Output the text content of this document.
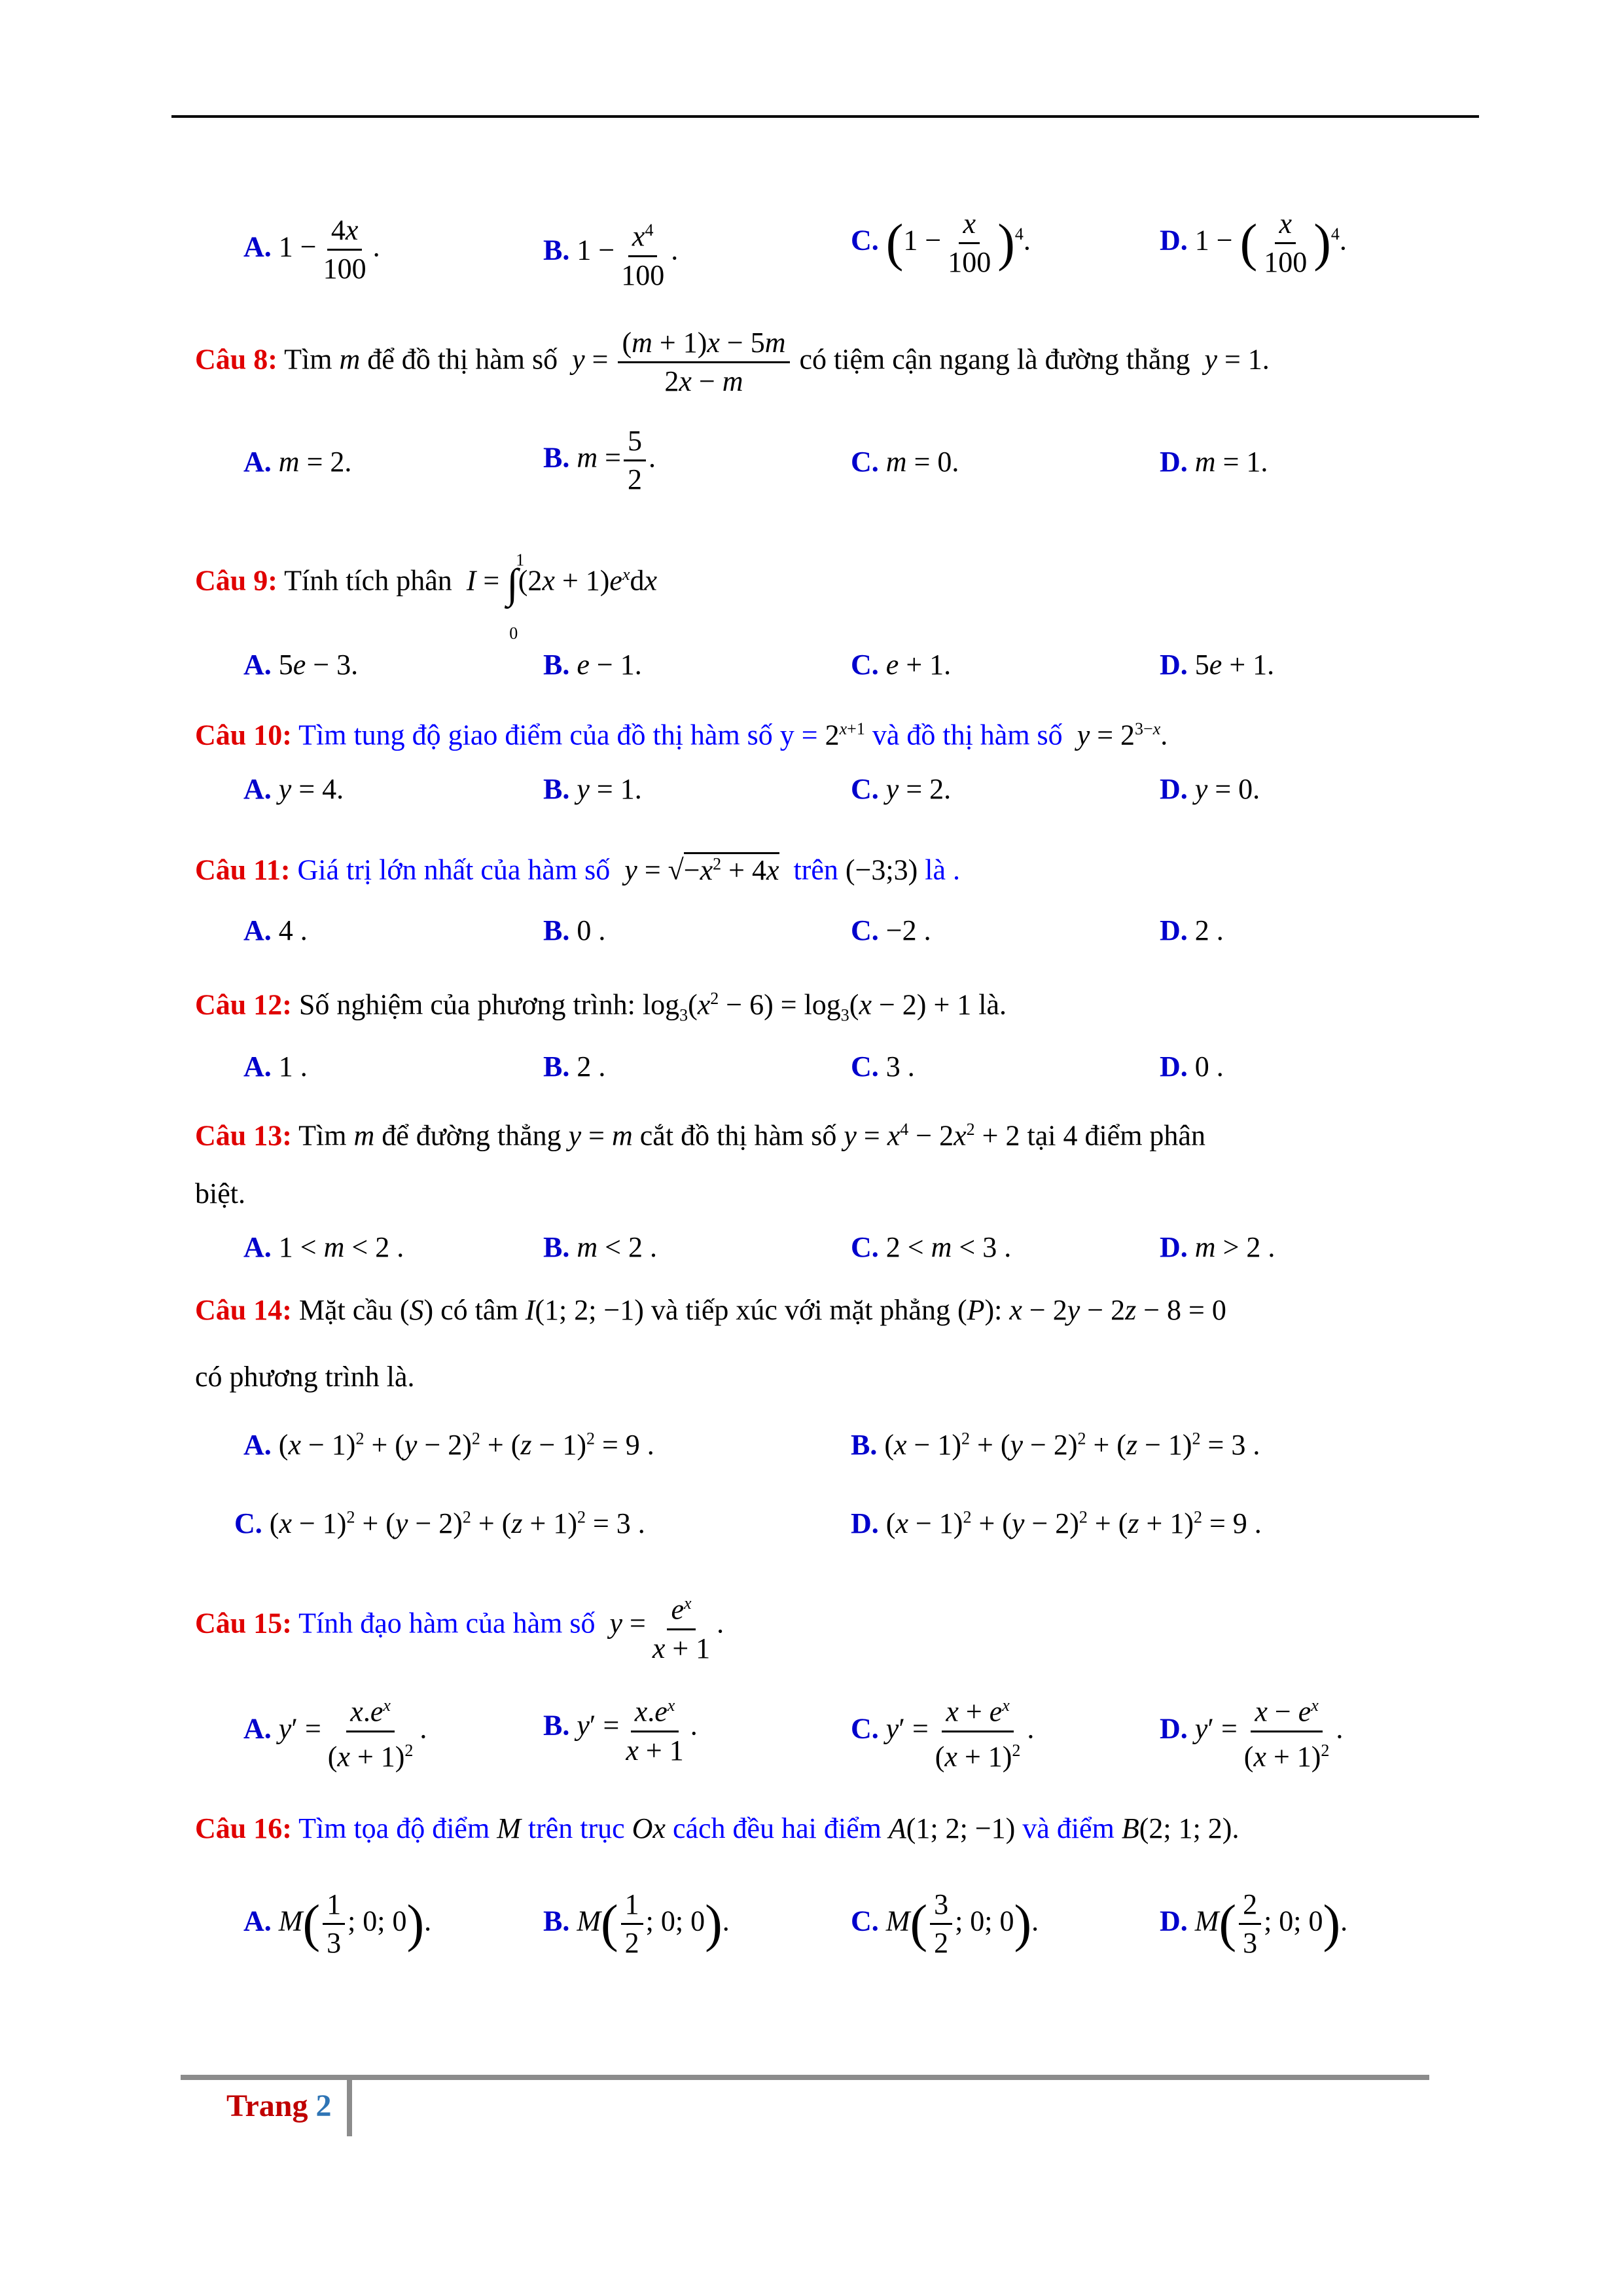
A. $1 - \frac{4x}{100}$ .	B. $1 - \frac{x^4}{100}$ .	C. $(1 - \frac{x}{100} )^4$.	D. 1 − ( $\frac{x}{100} )^4$.
Câu 8: Tìm m để đồ thị hàm số $y = \frac{(m + 1)x - 5m}{2x - m}$ có tiệm cận ngang là đường thẳng y = 1.
A. m = 2.	B. $m = \frac{5}{2}$ .	C. m = 0.	D. m = 1.
Câu 9: Tính tích phân I = ∫
1
0
$(2x + 1)e^xdx$
A. 5e − 3.	B. e − 1.	C. e + 1.	D. 5e + 1.
Câu 10: Tìm tung độ giao điểm của đồ thị hàm số $y = 2^{x+1}$ và đồ thị hàm số $y = 2^{3-x}$.
A. y = 4.	B. y = 1.	C. y = 2.	D. y = 0.
Câu 11: Giá trị lớn nhất của hàm số $y = √-x^2 + 4x$ trên (−3;3) là .
A. 4 .	B. 0 .	C. −2 .	D. 2 .
Câu 12: Số nghiệm của phương trình: $\log_3(x^2 - 6) = \log_3(x - 2) + 1$ là.
A. 1 .	B. 2 .	C. 3 .	D. 0 .
Câu 13: Tìm m để đường thẳng y = m cắt đồ thị hàm số $y = x^4 - 2x^2 + 2$ tại 4 điểm phân
biệt.
A. 1 < m < 2 .	B. m < 2 .	C. 2 < m < 3 .	D. m > 2 .
Câu 14: Mặt cầu (S) có tâm I(1; 2; −1) và tiếp xúc với mặt phẳng (P): x − 2y − 2z − 8 = 0
có phương trình là.
A. $(x - 1)^2 + (y - 2)^2 + (z - 1)^2 = 9$ .	B. $(x - 1)^2 + (y - 2)^2 + (z - 1)^2 = 3$ .
C. $(x - 1)^2 + (y - 2)^2 + (z + 1)^2 = 3$ .	D. $(x - 1)^2 + (y - 2)^2 + (z + 1)^2 = 9$ .
Câu 15: Tính đạo hàm của hàm số $y = \frac{e^x}{x + 1}$ .
A. $y' = \frac{x.e^x}{(x + 1)^2}$ .	B. $y' = \frac{x.e^x}{x + 1}$ .	C. $y' = \frac{x + e^x}{(x + 1)^2}$ .	D. $y' = \frac{x - e^x}{(x + 1)^2}$ .
Câu 16: Tìm tọa độ điểm M trên trục Ox cách đều hai điểm A(1; 2; −1) và điểm B(2; 1; 2).
A. $M( \frac{1}{3}$ ; 0; 0).	B. $M( \frac{1}{2}$ ; 0; 0).	C. $M( \frac{3}{2}$ ; 0; 0).	D. $M( \frac{2}{3}$ ; 0; 0).
Trang 2
